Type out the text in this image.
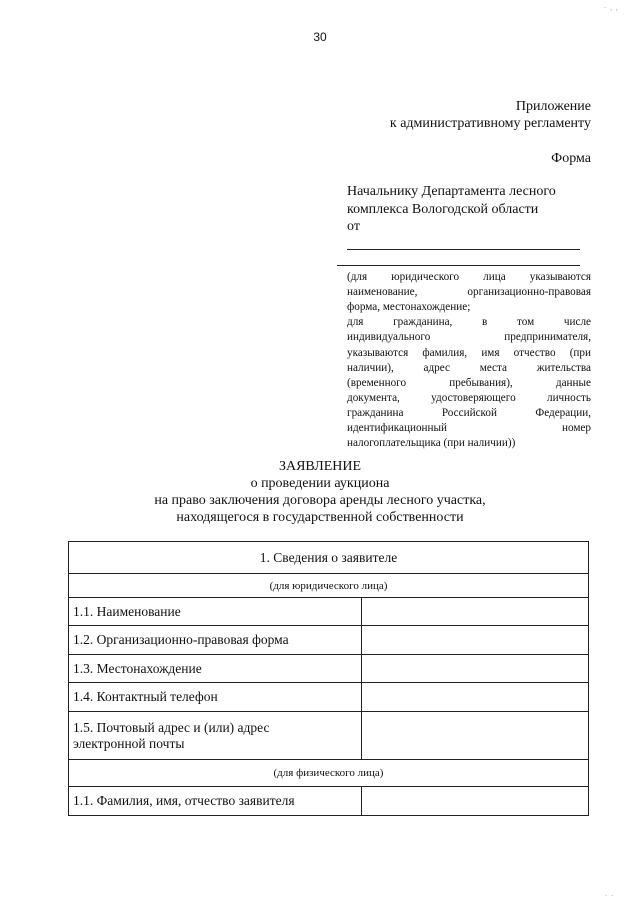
· , ,
· ·
30
Приложение
к административному регламенту
Форма
Начальнику Департамента лесного
комплекса Вологодской области
от
(для юридического лица указываются
наименование, организационно-правовая
форма, местонахождение;
для гражданина, в том числе
индивидуального предпринимателя,
указываются фамилия, имя отчество (при
наличии), адрес места жительства
(временного пребывания), данные
документа, удостоверяющего личность
гражданина Российской Федерации,
идентификационный номер
налогоплательщика (при наличии))
ЗАЯВЛЕНИЕ
о проведении аукциона
на право заключения договора аренды лесного участка,
находящегося в государственной собственности
1. Сведения о заявителе	
(для юридического лица)	
1.1. Наименование	
1.2. Организационно-правовая форма	
1.3. Местонахождение	
1.4. Контактный телефон	

1.5. Почтовый адрес и (или) адрес
электронной почты	

(для физического лица)	
1.1. Фамилия, имя, отчество заявителя	
